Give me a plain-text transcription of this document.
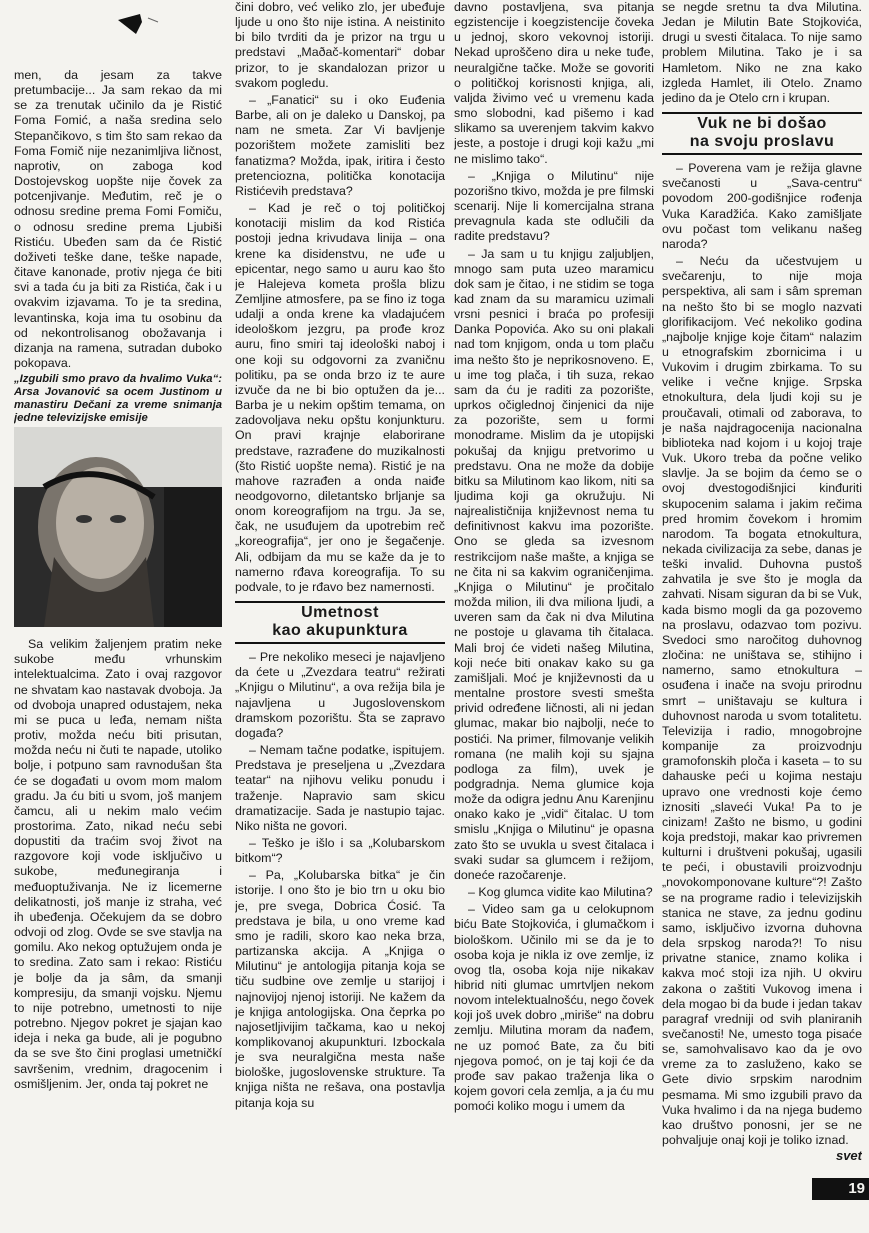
men, da jesam za takve pretumbacije... Ja sam rekao da mi se za trenutak učinilo da je Ristić Foma Fomić, a naša sredina selo Stepančikovo, s tim što sam rekao da Foma Fomič nije nezanimljiva ličnost, naprotiv, on zaboga kod Dostojevskog uopšte nije čovek za potcenjivanje. Međutim, reč je o odnosu sredine prema Fomi Fomiču, o odnosu sredine prema Ljubiši Ristiću. Ubeđen sam da će Ristić doživeti teške dane, teške napade, čitave kanonade, protiv njega će biti svi a tada ću ja biti za Ristića, čak i u ovakvim izjavama. To je ta sredina, levantinska, koja ima tu osobinu da od nekontrolisanog obožavanja i dizanja na ramena, sutradan duboko pokopava.

„Izgubili smo pravo da hvalimo Vuka“: Arsa Jovanović sa ocem Justinom u manastiru Dečani za vreme snimanja jedne televizijske emisije

Sa velikim žaljenjem pratim neke sukobe među vrhunskim intelektualcima. Zato i ovaj razgovor ne shvatam kao nastavak dvoboja. Ja od dvoboja unapred odustajem, neka mi se puca u leđa, nemam ništa protiv, možda neću biti prisutan, možda neću ni čuti te napade, utoliko bolje, i potpuno sam ravnodušan šta će se događati u ovom mom malom gradu. Ja ću biti u svom, još manjem čamcu, ali u nekim malo većim prostorima. Zato, nikad neću sebi dopustiti da traćim svoj život na razgovore koji vode isključivo u sukobe, međunegiranja i međuoptuživanja. Ne iz licemerne delikatnosti, još manje iz straha, već ih ubeđenja. Očekujem da se dobro odvoji od zlog. Ovde se sve stavlja na gomilu. Ako nekog optužujem onda je to sredina. Zato sam i rekao: Ristiću je bolje da ja sâm, da smanji kompresiju, da smanji vojsku. Njemu to nije potrebno, umetnosti to nije potrebno. Njegov pokret je sjajan kao ideja i neka ga bude, ali je pogubno da se sve što čini proglasi umetničkí savršenim, vrednim, dragocenim i osmišljenim. Jer, onda taj pokret ne

čini dobro, već veliko zlo, jer ubeđuje ljude u ono što nije istina. A neistinito bi bilo tvrditi da je prizor na trgu u predstavi „Maðač-komentari“ dobar prizor, to je skandalozan prizor u svakom pogledu.

– „Fanatici“ su i oko Euđenia Barbe, ali on je daleko u Danskoj, pa nam ne smeta. Zar Vi bavljenje pozorištem možete zamisliti bez fanatizma? Možda, ipak, iritira i često pretenciozna, politička konotacija Ristićevih predstava?

– Kad je reč o toj političkoj konotaciji mislim da kod Ristića postoji jedna krivudava linija – ona krene ka disidenstvu, ne uđe u epicentar, nego samo u auru kao što je Halejeva kometa prošla blizu Zemljine atmosfere, pa se fino iz toga udalji a onda krene ka vladajućem ideološkom jezgru, pa prođe kroz auru, fino smiri taj ideološki naboj i one koji su odgovorni za zvaničnu politiku, pa se onda brzo iz te aure izvuče da ne bi bio optužen da je... Barba je u nekim opštim temama, on zadovoljava neku opštu konjunkturu. On pravi krajnje elaborirane predstave, razrađene do muzikalnosti (što Ristić uopšte nema). Ristić je na mahove razrađen a onda naiđe neodgovorno, diletantsko brljanje sa onom koreografijom na trgu. Ja se, čak, ne usuđujem da upotrebim reč „koreografija“, jer ono je šegačenje. Ali, odbijam da mu se kaže da je to namerno rđava koreografija. To su podvale, to je rđavo bez namernosti.

Umetnost
kao akupunktura

– Pre nekoliko meseci je najavljeno da ćete u „Zvezdara teatru“ režirati „Knjigu o Milutinu“, a ova režija bila je najavljena u Jugoslovenskom dramskom pozorištu. Šta se zapravo događa?

– Nemam tačne podatke, ispitujem. Predstava je preseljena u „Zvezdara teatar“ na njihovu veliku ponudu i traženje. Napravio sam skicu dramatizacije. Sada je nastupio tajac. Niko ništa ne govori.

– Teško je išlo i sa „Kolubarskom bitkom“?

– Pa, „Kolubarska bitka“ je čin istorije. I ono što je bio trn u oku bio je, pre svega, Dobrica Ćosić. Ta predstava je bila, u ono vreme kad smo je radili, skoro kao neka brza, partizanska akcija. A „Knjiga o Milutinu“ je antologija pitanja koja se tiču sudbine ove zemlje u starijoj i najnovijoj njenoj istoriji. Ne kažem da je knjiga antologijska. Ona čeprka po najosetljivijim tačkama, kao u nekoj komplikovanoj akupunkturi. Izbockala je sva neuralgična mesta naše biološke, jugoslovenske strukture. Ta knjiga ništa ne rešava, ona postavlja pitanja koja su

davno postavljena, sva pitanja egzistencije i koegzistencije čoveka u jednoj, skoro vekovnoj istoriji. Nekad uproščeno dira u neke tuđe, neuralgične tačke. Može se govoriti o političkoj korisnosti knjiga, ali, valjda živimo već u vremenu kada smo slobodni, kad pišemo i kad slikamo sa uverenjem takvim kakvo jeste, a postoje i drugi koji kažu „mi ne mislimo tako“.

– „Knjiga o Milutinu“ nije pozorišno tkivo, možda je pre filmski scenarij. Nije li komercijalna strana prevagnula kada ste odlučili da radite predstavu?

– Ja sam u tu knjigu zaljubljen, mnogo sam puta uzeo maramicu dok sam je čitao, i ne stidim se toga kad znam da su maramicu uzimali vrsni pesnici i braća po profesiji Danka Popovića. Ako su oni plakali nad tom knjigom, onda u tom plaču ima nešto što je neprikosnoveno. E, u ime tog plača, i tih suza, rekao sam da ću je raditi za pozorište, uprkos očiglednoj činjenici da nije za pozorište, sem u formi monodrame. Mislim da je utopijski pokušaj da knjigu pretvorimo u predstavu. Ona ne može da dobije bitku sa Milutinom kao likom, niti sa ljudima koji ga okružuju. Ni najrealističnija književnost nema tu definitivnost kakvu ima pozorište. Ono se gleda sa izvesnom restrikcijom naše mašte, a knjiga se ne čita ni sa kakvim ograničenjima. „Knjiga o Milutinu“ je pročitalo možda milion, ili dva miliona ljudi, a uveren sam da čak ni dva Milutina ne postoje u glavama tih čitalaca. Mali broj će videti našeg Milutina, koji neće biti onakav kako su ga zamišljali. Moć je književnosti da u mentalne prostore svesti smešta privid određene ličnosti, ali ni jedan glumac, makar bio najbolji, neće to postići. Na primer, filmovanje velikih romana (ne malih koji su sjajna podloga za film), uvek je podgradnja. Nema glumice koja može da odigra jednu Anu Karenjinu onako kako je „vidi“ čitalac. U tom smislu „Knjiga o Milutinu“ je opasna zato što se uvukla u svest čitalaca i svaki sudar sa glumcem i režijom, doneće razočarenje.

– Kog glumca vidite kao Milutina?

– Video sam ga u celokupnom biću Bate Stojkovića, i glumačkom i biološkom. Učinilo mi se da je to osoba koja je nikla iz ove zemlje, iz ovog tla, osoba koja nije nikakav hibrid niti glumac umrtvljen nekom novom intelektualnošću, nego čovek koji još uvek dobro „miriše“ na dobru zemlju. Milutina moram da nađem, ne uz pomoć Bate, za ču biti njegova pomoć, on je taj koji će da prođe sav pakao traženja lika o kojem govori cela zemlja, a ja ću mu pomoći koliko mogu i umem da

se negde sretnu ta dva Milutina. Jedan je Milutin Bate Stojkovića, drugi u svesti čitalaca. To nije samo problem Milutina. Tako je i sa Hamletom. Niko ne zna kako izgleda Hamlet, ili Otelo. Znamo jedino da je Otelo crn i krupan.

Vuk ne bi došao
na svoju proslavu

– Poverena vam je režija glavne svečanosti u „Sava-centru“ povodom 200-godišnjice rođenja Vuka Karadžića. Kako zamišljate ovu počast tom velikanu našeg naroda?

– Neću da učestvujem u svečarenju, to nije moja perspektiva, ali sam i sâm spreman na nešto što bi se moglo nazvati glorifikacijom. Već nekoliko godina „najbolje knjige koje čitam“ nalazim u etnografskim zbornicima i u Vukovim i drugim zbirkama. To su velike i večne knjige. Srpska etnokultura, dela ljudi koji su je proučavali, otimali od zaborava, to je naša najdragocenija nacionalna biblioteka nad kojom i u kojoj traje Vuk. Ukoro treba da počne veliko slavlje. Ja se bojim da ćemo se o ovoj dvestogodišnjici kinđuriti skupocenim salama i jakim rečima pred hromim čovekom i hromim narodom. Ta bogata etnokultura, nekada civilizacija za sebe, danas je teški invalid. Duhovna pustoš zahvatila je sve što je mogla da zahvati. Nisam siguran da bi se Vuk, kada bismo mogli da ga pozovemo na proslavu, odazvao tom pozivu. Svedoci smo naročitog duhovnog zločina: ne uništava se, stihijno i namerno, samo etnokultura – osuđena i inače na svoju prirodnu smrt – uništavaju se kultura i duhovnost naroda u svom totalitetu. Televizija i radio, mnogobrojne kompanije za proizvodnju gramofonskih ploča i kaseta – to su dahauske peći u kojima nestaju upravo one vrednosti koje ćemo iznositi „slaveći Vuka! Pa to je cinizam! Zašto ne bismo, u godini koja predstoji, makar kao privremen kulturni i društveni pokušaj, ugasili te peći, i obustavili proizvodnju „novokomponovane kulture“?! Zašto se na programe radio i televizijskih stanica ne stave, za jednu godinu samo, isključivo izvorna duhovna dela srpskog naroda?! To nisu privatne stanice, znamo kolika i kakva moć stoji iza njih. U okviru zakona o zaštiti Vukovog imena i dela mogao bi da bude i jedan takav paragraf vredniji od svih planiranih svečanosti! Ne, umesto toga pisaće se, samohvalisavo kao da je ovo vreme za to zasluženo, kako se Gete divio srpskim narodnim pesmama. Mi smo izgubili pravo da Vuka hvalimo i da na njega budemo kao društvo ponosni, jer se ne pohvaljuje onaj koji je toliko iznad.

svet
19
